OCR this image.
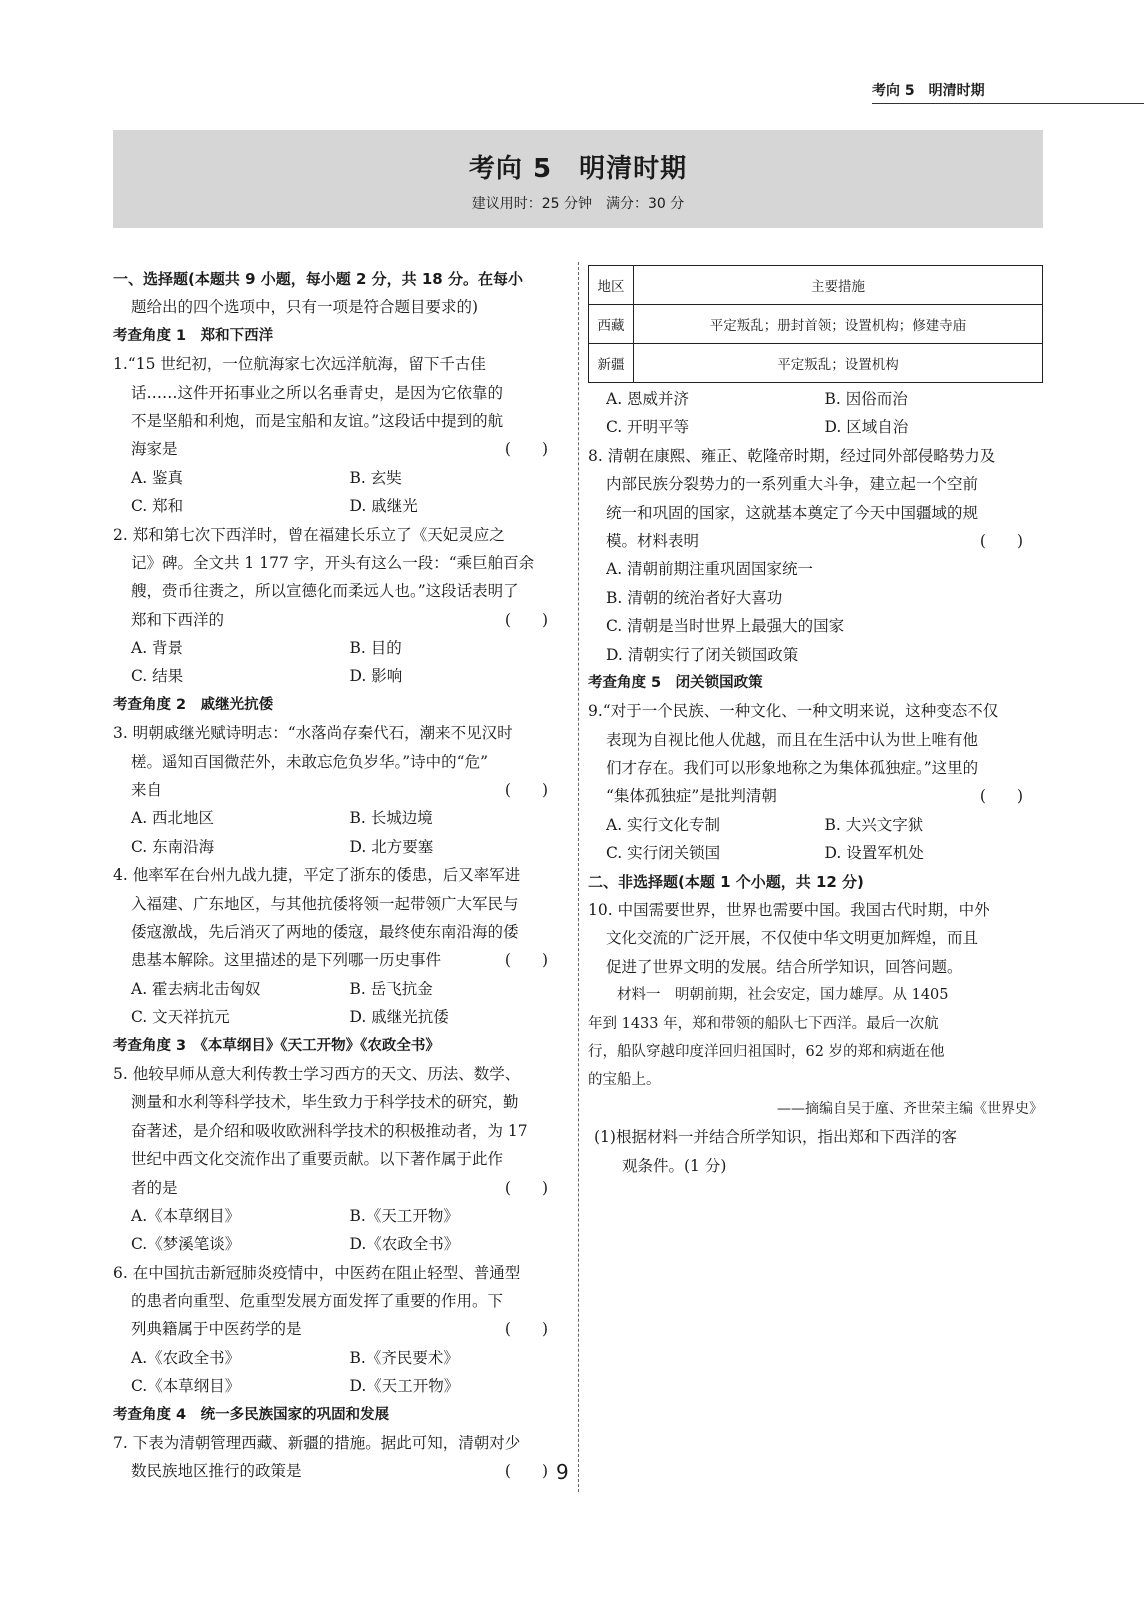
考向 5　明清时期
考向 5　明清时期
建议用时：25 分钟　满分：30 分
一、选择题(本题共 9 小题，每小题 2 分，共 18 分。在每小
题给出的四个选项中，只有一项是符合题目要求的)
考查角度 1　郑和下西洋
1.“15 世纪初，一位航海家七次远洋航海，留下千古佳
话……这件开拓事业之所以名垂青史，是因为它依靠的
不是坚船和利炮，而是宝船和友谊。”这段话中提到的航
海家是	(　　)
A. 鉴真	B. 玄奘
C. 郑和	D. 戚继光
2. 郑和第七次下西洋时，曾在福建长乐立了《天妃灵应之
记》碑。全文共 1 177 字，开头有这么一段：“乘巨舶百余
艘，赍币往赉之，所以宣德化而柔远人也。”这段话表明了
郑和下西洋的	(　　)
A. 背景	B. 目的
C. 结果	D. 影响
考查角度 2　戚继光抗倭
3. 明朝戚继光赋诗明志：“水落尚存秦代石，潮来不见汉时
槎。遥知百国微茫外，未敢忘危负岁华。”诗中的“危”
来自	(　　)
A. 西北地区	B. 长城边境
C. 东南沿海	D. 北方要塞
4. 他率军在台州九战九捷，平定了浙东的倭患，后又率军进
入福建、广东地区，与其他抗倭将领一起带领广大军民与
倭寇激战，先后消灭了两地的倭寇，最终使东南沿海的倭
患基本解除。这里描述的是下列哪一历史事件	(　　)
A. 霍去病北击匈奴	B. 岳飞抗金
C. 文天祥抗元	D. 戚继光抗倭
考查角度 3　《本草纲目》《天工开物》《农政全书》
5. 他较早师从意大利传教士学习西方的天文、历法、数学、
测量和水利等科学技术，毕生致力于科学技术的研究，勤
奋著述，是介绍和吸收欧洲科学技术的积极推动者，为 17
世纪中西文化交流作出了重要贡献。以下著作属于此作
者的是	(　　)
A.《本草纲目》	B.《天工开物》
C.《梦溪笔谈》	D.《农政全书》
6. 在中国抗击新冠肺炎疫情中，中医药在阻止轻型、普通型
的患者向重型、危重型发展方面发挥了重要的作用。下
列典籍属于中医药学的是	(　　)
A.《农政全书》	B.《齐民要术》
C.《本草纲目》	D.《天工开物》
考查角度 4　统一多民族国家的巩固和发展
7. 下表为清朝管理西藏、新疆的措施。据此可知，清朝对少
数民族地区推行的政策是	(　　)
地区	主要措施
西藏	平定叛乱；册封首领；设置机构；修建寺庙
新疆	平定叛乱；设置机构
A. 恩威并济	B. 因俗而治
C. 开明平等	D. 区域自治
8. 清朝在康熙、雍正、乾隆帝时期，经过同外部侵略势力及
内部民族分裂势力的一系列重大斗争，建立起一个空前
统一和巩固的国家，这就基本奠定了今天中国疆域的规
模。材料表明	(　　)
A. 清朝前期注重巩固国家统一
B. 清朝的统治者好大喜功
C. 清朝是当时世界上最强大的国家
D. 清朝实行了闭关锁国政策
考查角度 5　闭关锁国政策
9.“对于一个民族、一种文化、一种文明来说，这种变态不仅
表现为自视比他人优越，而且在生活中认为世上唯有他
们才存在。我们可以形象地称之为集体孤独症。”这里的
“集体孤独症”是批判清朝	(　　)
A. 实行文化专制	B. 大兴文字狱
C. 实行闭关锁国	D. 设置军机处
二、非选择题(本题 1 个小题，共 12 分)
10. 中国需要世界，世界也需要中国。我国古代时期，中外
文化交流的广泛开展，不仅使中华文明更加辉煌，而且
促进了世界文明的发展。结合所学知识，回答问题。
　　材料一　明朝前期，社会安定，国力雄厚。从 1405
年到 1433 年，郑和带领的船队七下西洋。最后一次航
行，船队穿越印度洋回归祖国时，62 岁的郑和病逝在他
的宝船上。
——摘编自吴于廑、齐世荣主编《世界史》
(1)根据材料一并结合所学知识，指出郑和下西洋的客
观条件。(1 分)
9
